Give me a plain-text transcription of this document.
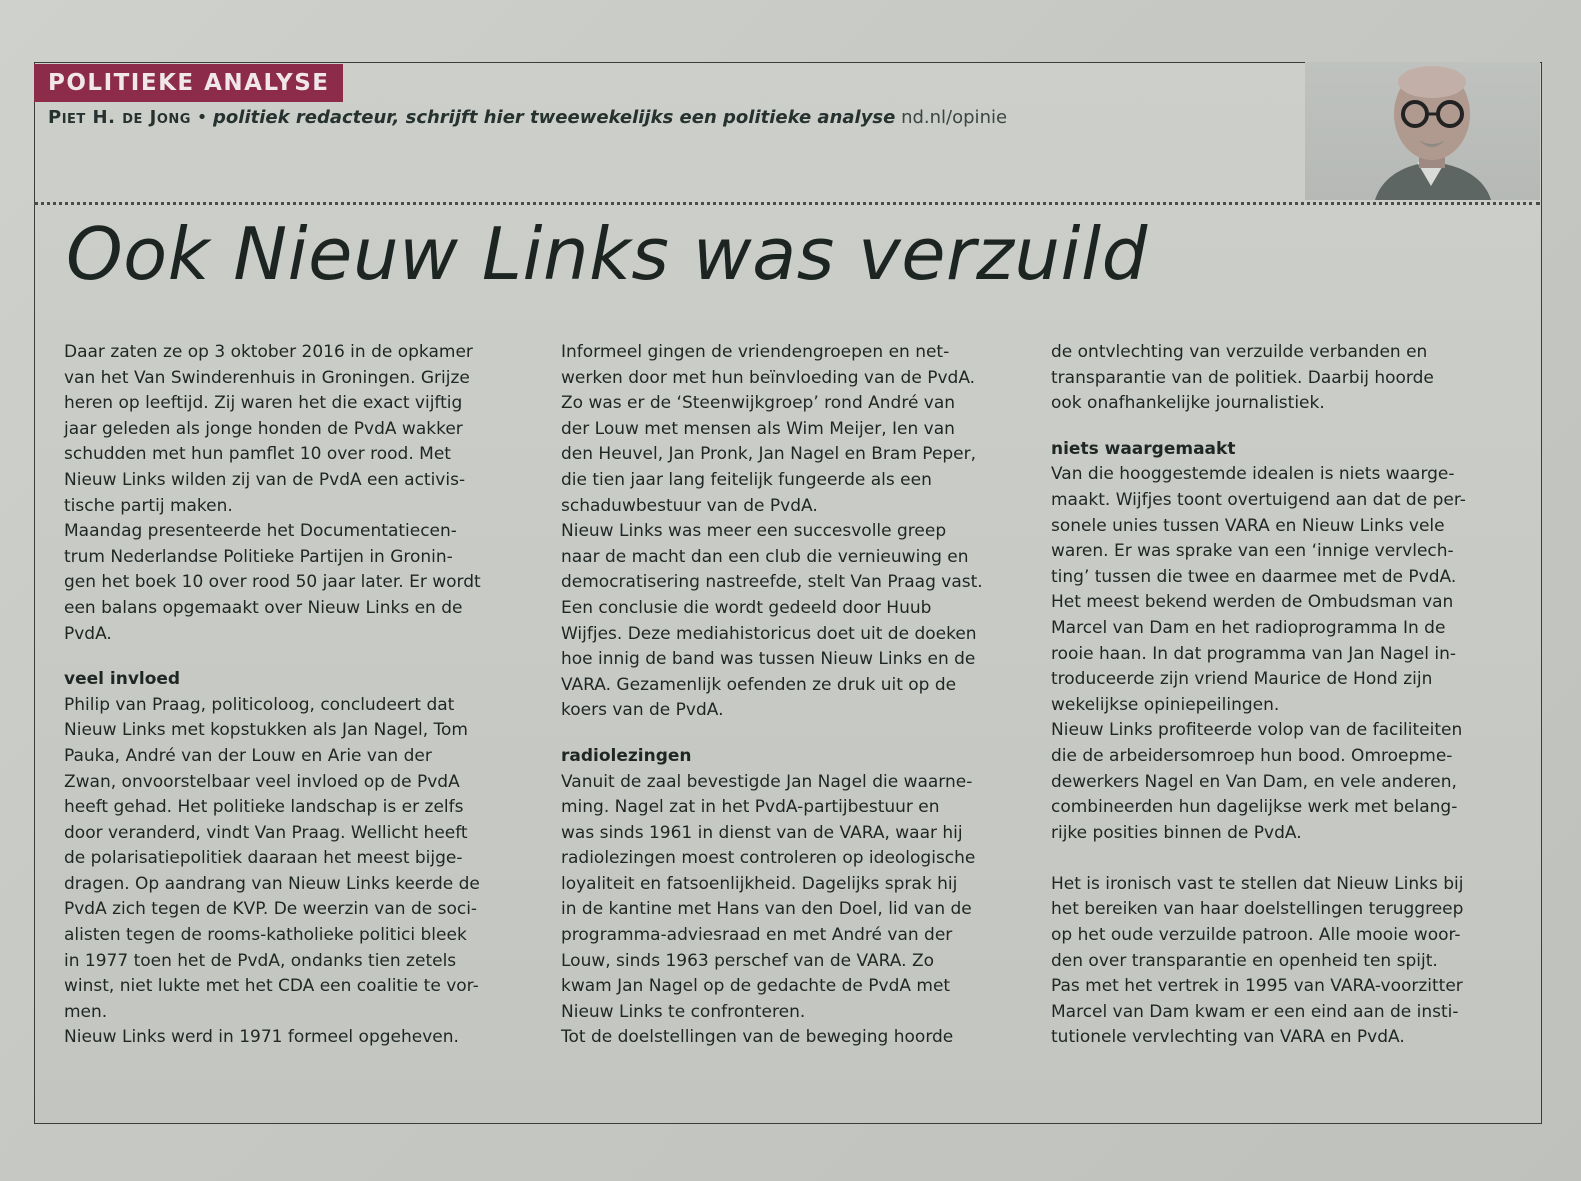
POLITIEKE ANALYSE
Piet H. de Jong • politiek redacteur, schrijft hier tweewekelijks een politieke analyse nd.nl/opinie
Ook Nieuw Links was verzuild

Daar zaten ze op 3 oktober 2016 in de opkamer

van het Van Swinderenhuis in Groningen. Grijze

heren op leeftijd. Zij waren het die exact vijftig

jaar geleden als jonge honden de PvdA wakker

schudden met hun pamflet 10 over rood. Met

Nieuw Links wilden zij van de PvdA een activis-

tische partij maken.

Maandag presenteerde het Documentatiecen-

trum Nederlandse Politieke Partijen in Gronin-

gen het boek 10 over rood 50 jaar later. Er wordt

een balans opgemaakt over Nieuw Links en de

PvdA.

veel invloed

Philip van Praag, politicoloog, concludeert dat

Nieuw Links met kopstukken als Jan Nagel, Tom

Pauka, André van der Louw en Arie van der

Zwan, onvoorstelbaar veel invloed op de PvdA

heeft gehad. Het politieke landschap is er zelfs

door veranderd, vindt Van Praag. Wellicht heeft

de polarisatiepolitiek daaraan het meest bijge-

dragen. Op aandrang van Nieuw Links keerde de

PvdA zich tegen de KVP. De weerzin van de soci-

alisten tegen de rooms-katholieke politici bleek

in 1977 toen het de PvdA, ondanks tien zetels

winst, niet lukte met het CDA een coalitie te vor-

men.

Nieuw Links werd in 1971 formeel opgeheven.

Informeel gingen de vriendengroepen en net-

werken door met hun beïnvloeding van de PvdA.

Zo was er de ‘Steenwijkgroep’ rond André van

der Louw met mensen als Wim Meijer, Ien van

den Heuvel, Jan Pronk, Jan Nagel en Bram Peper,

die tien jaar lang feitelijk fungeerde als een

schaduwbestuur van de PvdA.

Nieuw Links was meer een succesvolle greep

naar de macht dan een club die vernieuwing en

democratisering nastreefde, stelt Van Praag vast.

Een conclusie die wordt gedeeld door Huub

Wijfjes. Deze mediahistoricus doet uit de doeken

hoe innig de band was tussen Nieuw Links en de

VARA. Gezamenlijk oefenden ze druk uit op de

koers van de PvdA.

radiolezingen

Vanuit de zaal bevestigde Jan Nagel die waarne-

ming. Nagel zat in het PvdA-partijbestuur en

was sinds 1961 in dienst van de VARA, waar hij

radiolezingen moest controleren op ideologische

loyaliteit en fatsoenlijkheid. Dagelijks sprak hij

in de kantine met Hans van den Doel, lid van de

programma-adviesraad en met André van der

Louw, sinds 1963 perschef van de VARA. Zo

kwam Jan Nagel op de gedachte de PvdA met

Nieuw Links te confronteren.

Tot de doelstellingen van de beweging hoorde

de ontvlechting van verzuilde verbanden en

transparantie van de politiek. Daarbij hoorde

ook onafhankelijke journalistiek.

niets waargemaakt

Van die hooggestemde idealen is niets waarge-

maakt. Wijfjes toont overtuigend aan dat de per-

sonele unies tussen VARA en Nieuw Links vele

waren. Er was sprake van een ‘innige vervlech-

ting’ tussen die twee en daarmee met de PvdA.

Het meest bekend werden de Ombudsman van

Marcel van Dam en het radioprogramma In de

rooie haan. In dat programma van Jan Nagel in-

troduceerde zijn vriend Maurice de Hond zijn

wekelijkse opiniepeilingen.

Nieuw Links profiteerde volop van de faciliteiten

die de arbeidersomroep hun bood. Omroepme-

dewerkers Nagel en Van Dam, en vele anderen,

combineerden hun dagelijkse werk met belang-

rijke posities binnen de PvdA.

Het is ironisch vast te stellen dat Nieuw Links bij

het bereiken van haar doelstellingen teruggreep

op het oude verzuilde patroon. Alle mooie woor-

den over transparantie en openheid ten spijt.

Pas met het vertrek in 1995 van VARA-voorzitter

Marcel van Dam kwam er een eind aan de insti-

tutionele vervlechting van VARA en PvdA.
